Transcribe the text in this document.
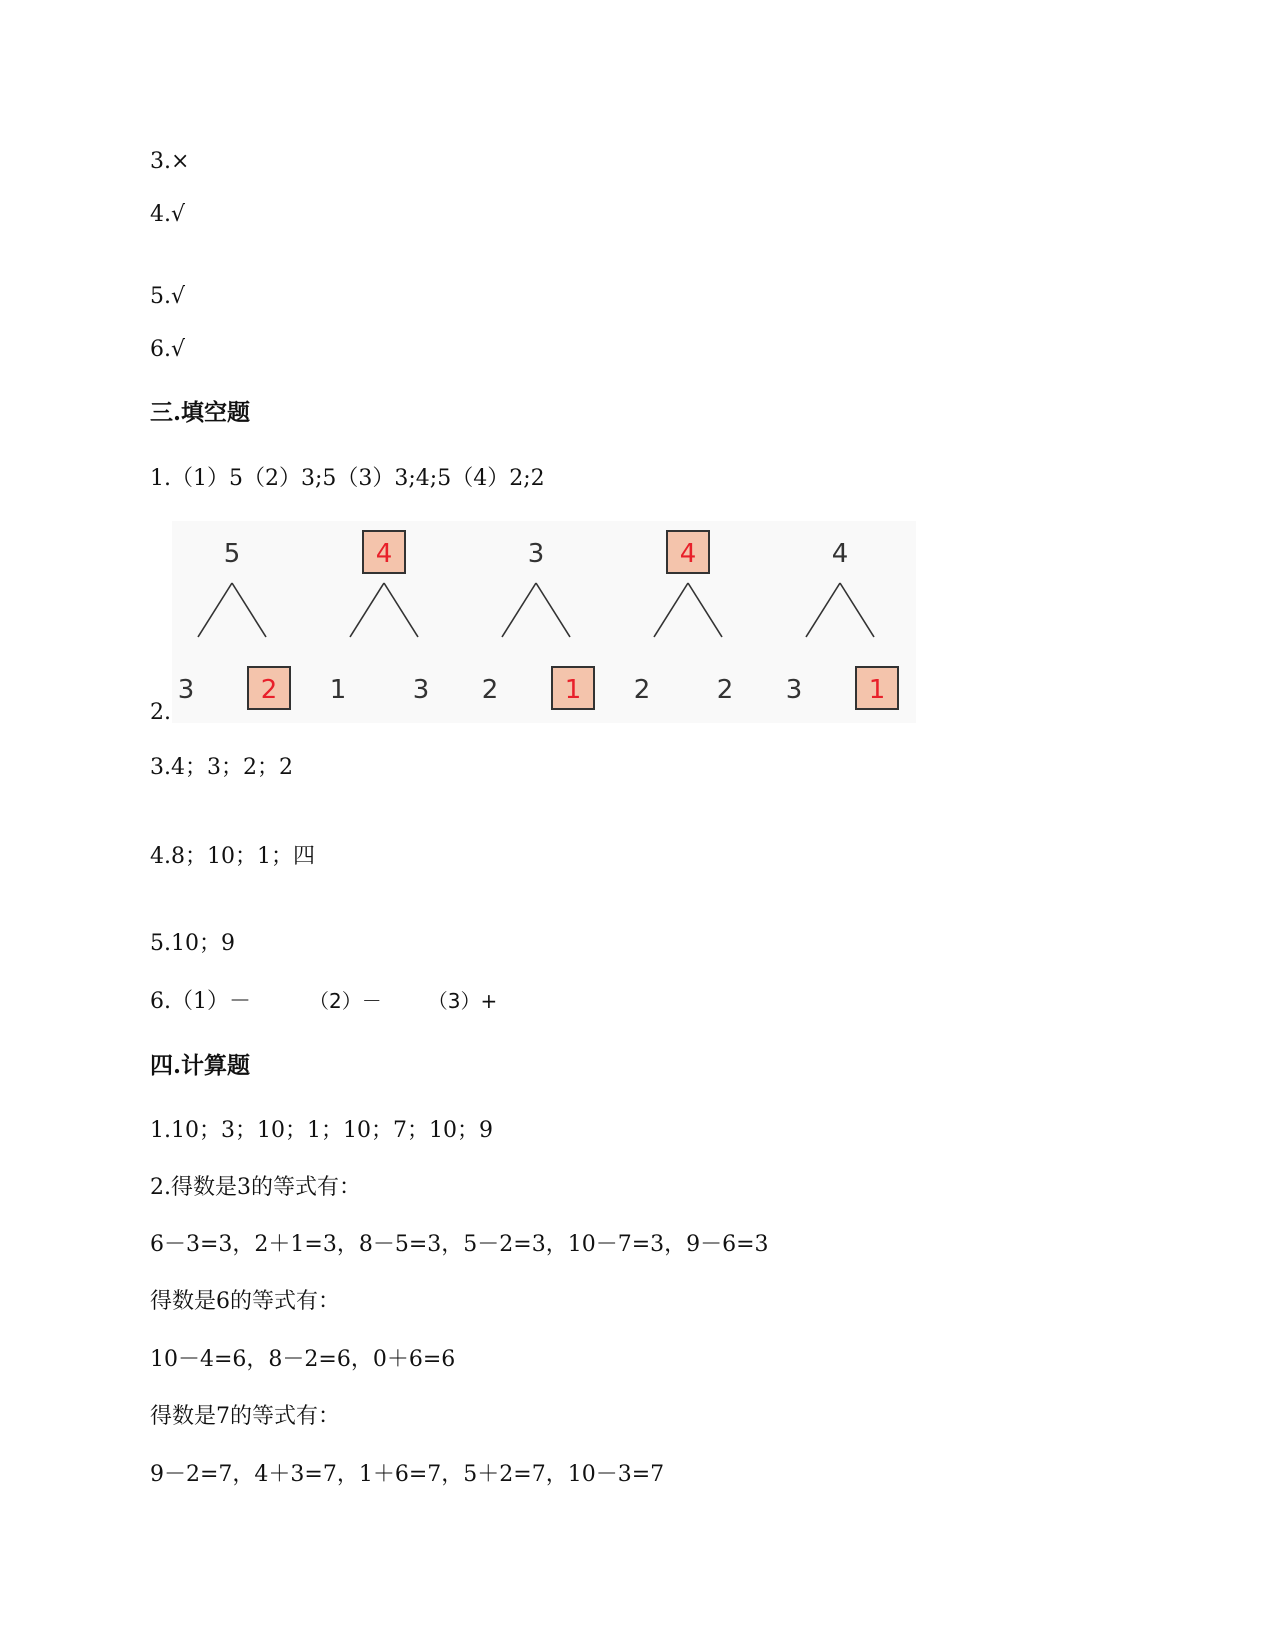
3.×
4.√
5.√
6.√
三.填空题
1.（1）5（2）3;5（3）3;4;5（4）2;2
5
3	2
4
1	3
3
2	1
4
2	2
4
3	1
2.
3.4；3；2；2
4.8；10；1；四
5.10；9
6.（1）－	（2）－ （3）+
四.计算题
1.10；3；10；1；10；7；10；9
2.得数是3的等式有：
6－3=3，2＋1=3，8－5=3，5－2=3，10－7=3，9－6=3
得数是6的等式有：
10－4=6，8－2=6，0＋6=6
得数是7的等式有：
9－2=7，4＋3=7，1＋6=7，5＋2=7，10－3=7
